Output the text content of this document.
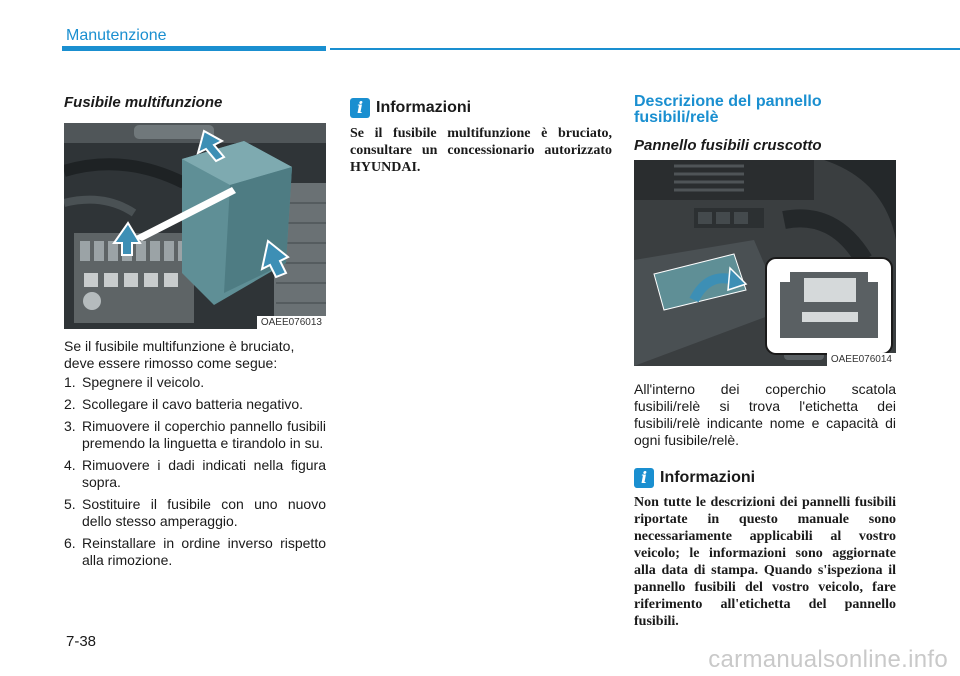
Manutenzione
Fusibile multifunzione
OAEE076013
Se il fusibile multifunzione è bruciato, deve essere rimosso come segue:
1. Spegnere il veicolo.
2. Scollegare il cavo batteria negativo.
3. Rimuovere il coperchio pannello fusibili premendo la linguetta e tirandolo in su.
4. Rimuovere i dadi indicati nella figura sopra.
5. Sostituire il fusibile con uno nuovo dello stesso amperaggio.
6. Reinstallare in ordine inverso rispetto alla rimozione.
i Informazioni
Se il fusibile multifunzione è bruciato, consultare un concessionario autorizzato HYUNDAI.
Descrizione del pannello fusibili/relè
Pannello fusibili cruscotto
OAEE076014
All'interno dei coperchio scatola fusibili/relè si trova l'etichetta dei fusibili/relè indicante nome e capacità di ogni fusibile/relè.
i Informazioni
Non tutte le descrizioni dei pannelli fusibili riportate in questo manuale sono necessariamente applicabili al vostro veicolo; le informazioni sono aggiornate alla data di stampa. Quando s'ispeziona il pannello fusibili del vostro veicolo, fare riferimento all'etichetta del pannello fusibili.
7-38
carmanualsonline.info
